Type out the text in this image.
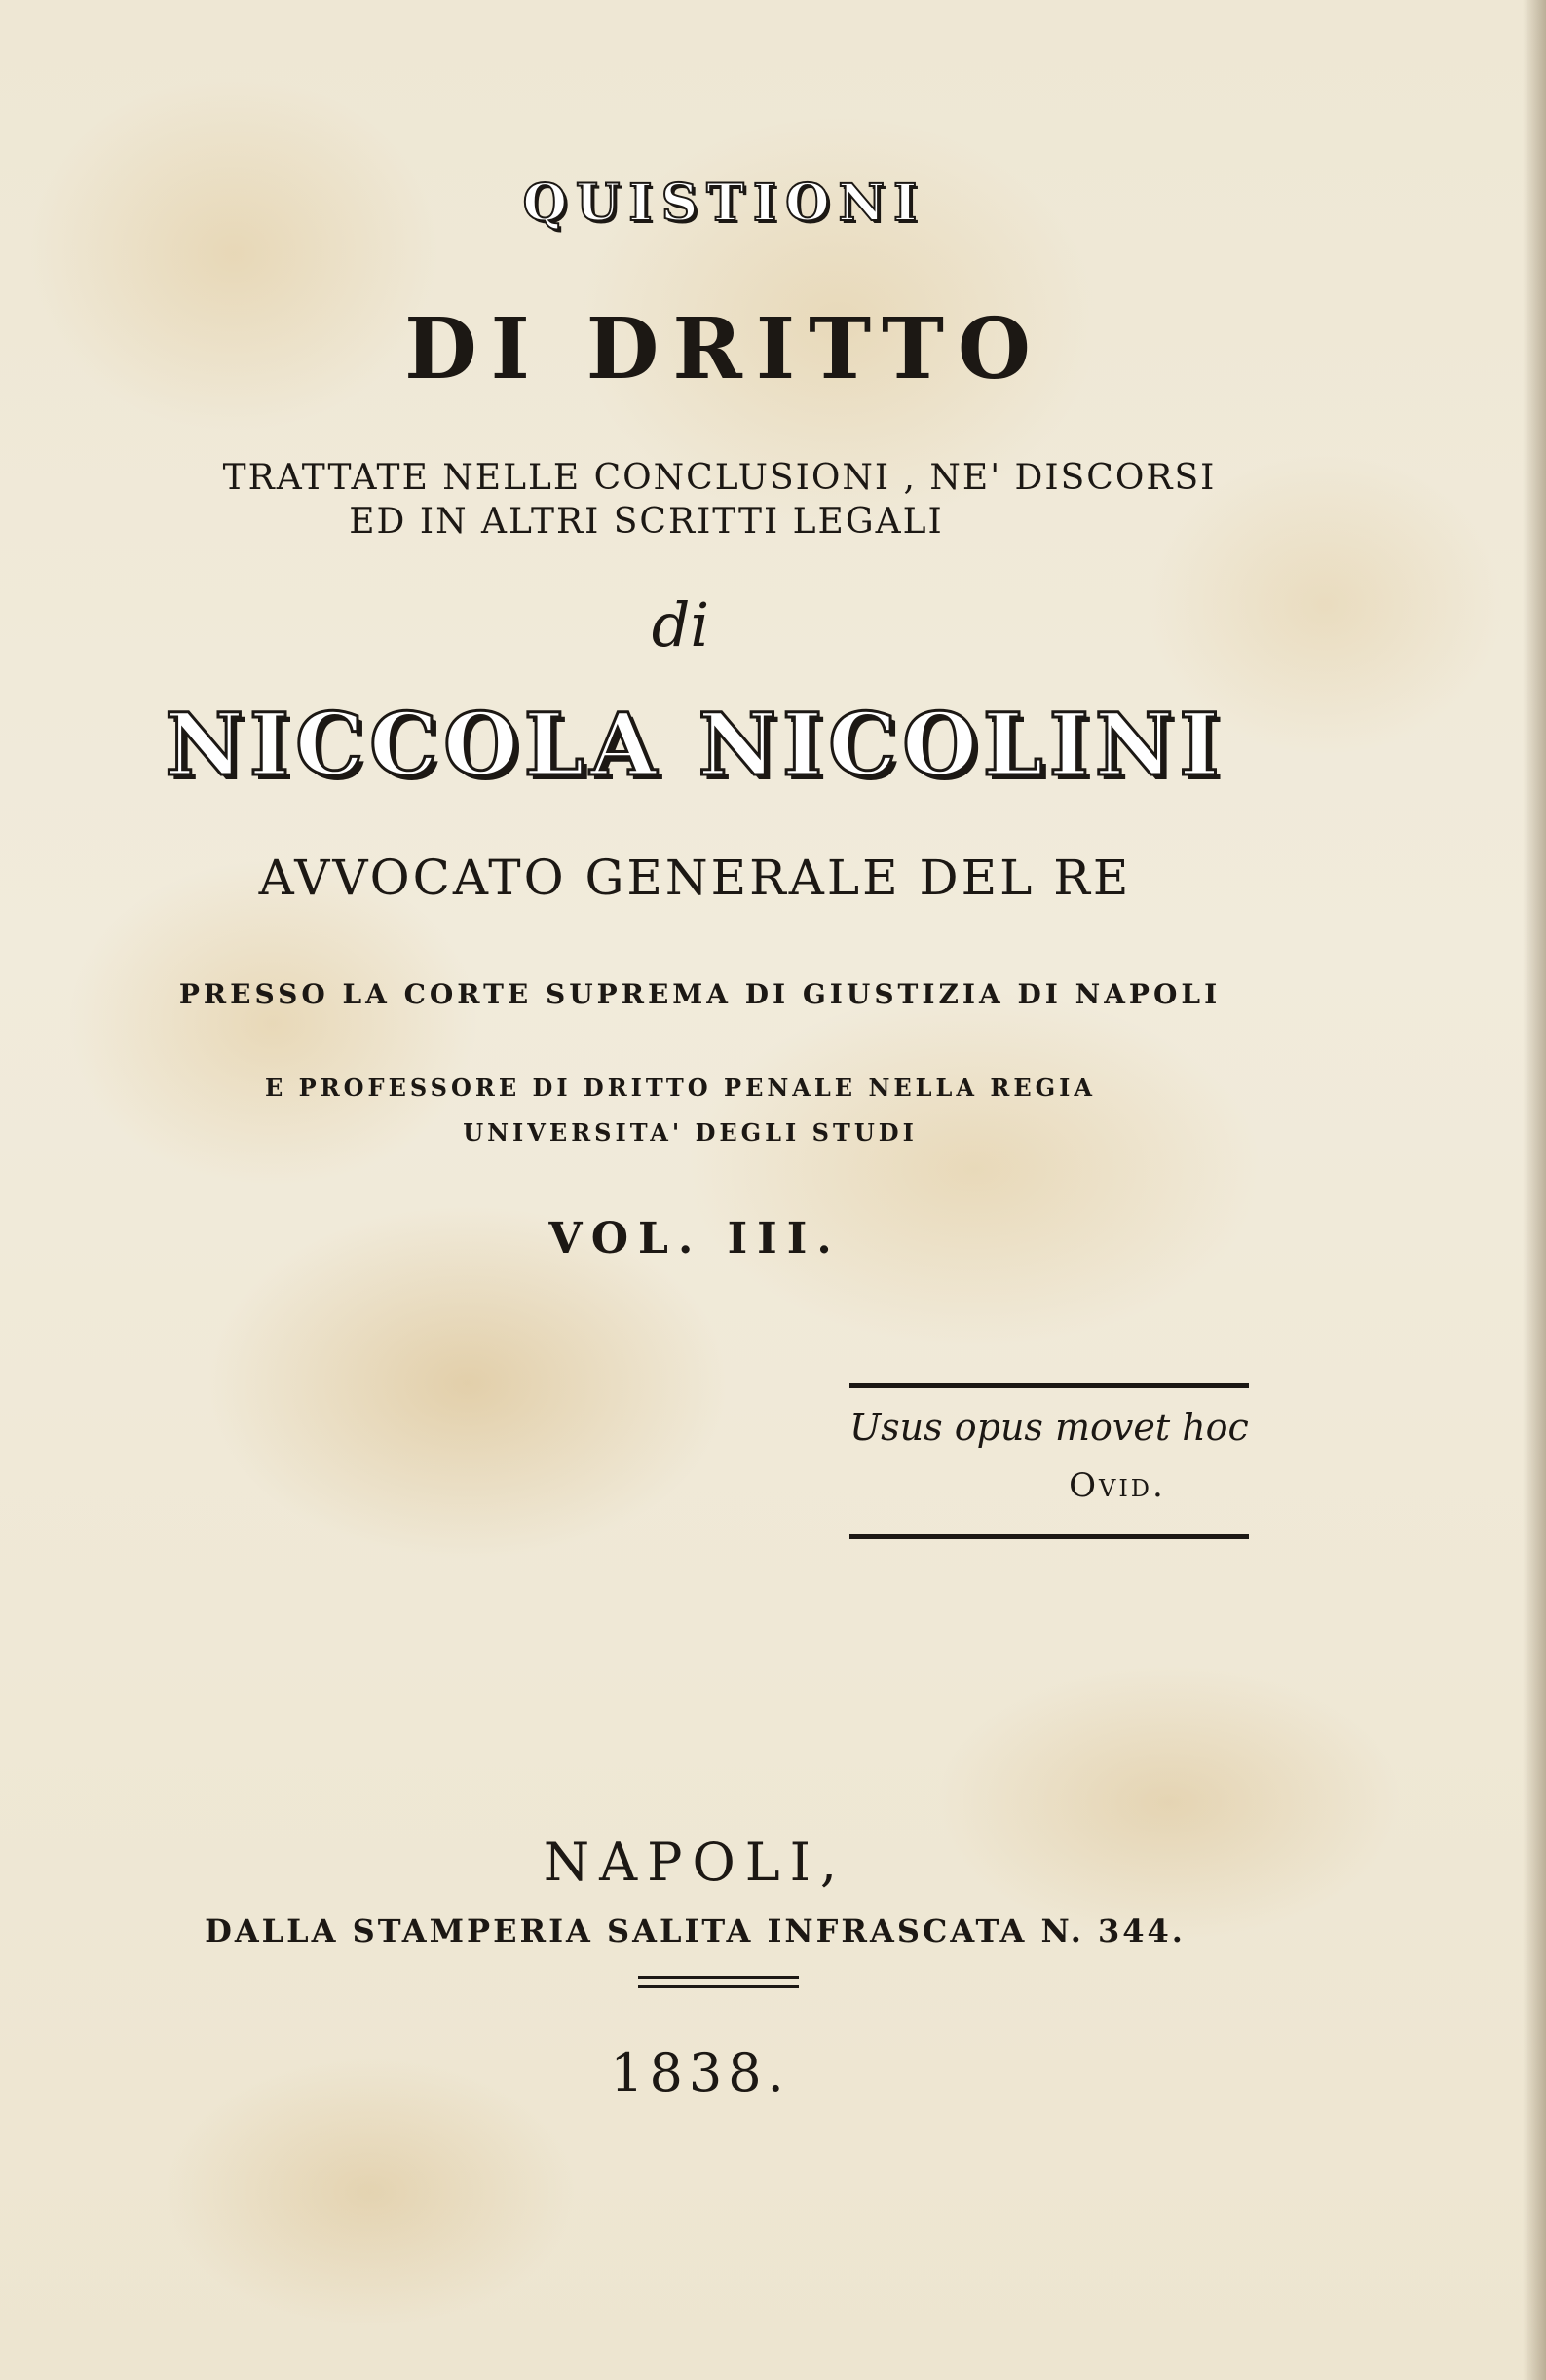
QUISTIONI

DI DRITTO

TRATTATE NELLE CONCLUSIONI , NE' DISCORSI

ED IN ALTRI SCRITTI LEGALI

di

NICCOLA NICOLINI

AVVOCATO GENERALE DEL RE

PRESSO LA CORTE SUPREMA DI GIUSTIZIA DI NAPOLI

E PROFESSORE DI DRITTO PENALE NELLA REGIA

UNIVERSITA' DEGLI STUDI

VOL. III.

Usus opus movet hoc
Ovid.

NAPOLI,

DALLA STAMPERIA SALITA INFRASCATA N. 344.

1838.
